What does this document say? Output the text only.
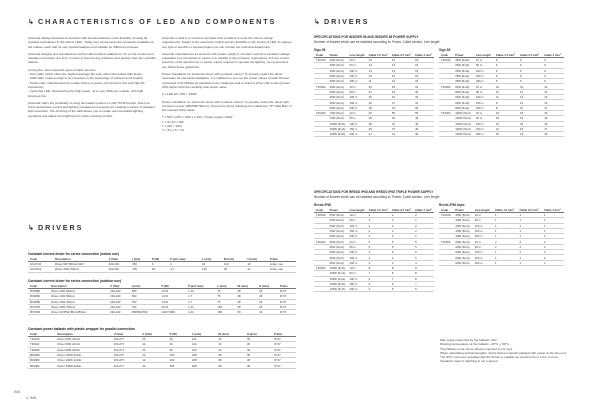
↳ CHARACTERISTICS OF LED AND COMPONENTS	↳ DRIVERS
↳ DRIVERS

Artemide always develops its products with special attention to the flexibility of using all possible innovations in the field of LEDs. Today, key components are constantly available on the market, each with its own special features and suitable for different purposes.

Artemide designs and manufactures all the LED products adapted to run on the product and operate in precisely one time, in order to prevent any problems and quickly meet any possible defects.

Among the most important types of LED used are:

- 3mm LED, which offers the highest average life span with intermediate light levels;
- SMD LED, small enough to be mounted on the technology of printed circuit boards;
- Power LED, characterised by a wide choice of power and luminous flux and high life expectancy;
- multi-chip LED, characterised by high power, up to over 20W per module, with high luminous flux.

Artemide offers the possibility of using dimmable systems (1-10V, PUSH button, DALI) on home automation control and lighting management systems for creating a variety of pleasant light scenarios. The dimming of the LED allows you to create user-controlled lighting scenarios and adjust the brightness for better viewing comfort.

Artemide is able to a customer and take their products to meet the various design requirements, thanks to the electronic control and the flexibility in the choice of LED, to support any type of specific or special project you can contact our technical department.

Artemide manufactures its products with power supply in constant current or constant voltage, equivalent to a connection in series or in parallel to the products, respectively. For the correct selection of the transformer or power supply required to operate the lighting, we recommend you follow these guidelines:

Power calculation for electronic driver with constant current: To properly select the driver necessary for electrical installation, it is sufficient to sum up the power values of each fixtures expressed in W (Watts) as indicated in the catalogue and to select a driver with a rated power 20% higher than the resulting total power value.

2 x LED 20 x 5W = 100W

Power calculation for electronic driver with constant current: To properly select the driver with constant current (350/500/700mA), choose the driver following the indications "NT LED Max" in the relevant driver table.

T x 5W x 20% = 20% x 1.2W = Power supply 120W
T = 5x 3m x 5W
T x (W) = 20%
T = 3m x 5 = 15

Constant current driver for series connection (indoor use)
Code	Description	V (Vac)	I (mA)	P (W)	P (mA max)	L (mm)	W (mm)	H (mm)	P Box
FA17046	Driver 6W 350mA 10W	220-240	350	6	4	22	110	19	indep. use
FA17016	Driver 20W 700mA	220-240	700	20	2.7	120	39	21	indep. use
Constant current driver for series connection (outdoor use)
Code	Description	V (Vac)	I (mA)	P (W)	P (mA max)	L (mm)	W (mm)	H (mm)	P Box
BV2880	Driver 14W 350mA	220-240	350	14 W	1-10	75	38	25	IP 67
BV2882	Driver 14W 500mA	220-240	500	14 W	1-7	75	38	25	IP 67
BV2884	Driver 14W 700mA	220-240	700	14 W	1-7	75	38	25	IP 67
BV7045	Driver 30W 700mA	220-240	700	30 W	1-14	125	38	25	IP 67
BV7048	Driver 23-55W 350-1050mA	220-240	350/500/700	23/27/30W	4-12	165	53	33	IP 67
Constant power ballasts with plastic wrapper for parallel connection
Code	Description	V (Vac)	V (Vdc)	P (W)	L (mm)	W (mm)	H (mm)	P Box
T40109	Driver 20W 24Vdc	100-277	24	20	110	40	30	IP 67
T40101	Driver 30W 24Vdc	100-277	24	30	140	40	30	IP 67
T40009	Driver 60W 24Vdc	100-277	24	60	140	41	30	IP 67
B41508	Driver 100W 24Vdc	100-277	24	100	238	68	38	IP 67
B41580	Driver 100W 12Vdc	100-277	12	100	238	68	38	IP 67
B41981	Driver 150W 24Vdc	100-277	24	150	238	68	38	IP 67
SPECIFICATIONS FOR INSIDER 58 AND INSIDER 88 POWER SUPPLY
Number of fixtures which can be installed according to: Power, Cable section, Line length
Sign 58	Sign 88
Code	Power	Line length	Cable 1.5 mm²	Cable 2.5 mm²	Cable 4 mm²
T40019	20W (6mA)	10 m	13	13	15
	25W (6mA)	50 m	13	13	15
	25W (6mA)	100 m	13	13	15
	25W (6mA)	150 m	13	13	15
	25W (6mA)	200 m	11	12	15
T40023	40W (6mA)	10 m	33	33	33
	60W (6mA)	50 m	31	33	33
	60W (6mA)	100 m	26	31	32
	60W (6mA)	150 m	22	27	31
	60W (6mA)	200 m	18	23	29
T40203	70W (6mA)	10 m	49	55	55
	70W (6mA)	50 m	45	49	49
	100W (6mA)	100 m	38	42	49
	100W (6mA)	150 m	26	37	46
	100W (6mA)	200 m	21	31	40
Code	Power	Line length	Cable 1.5 mm²	Cable 2.5 mm²	Cable 4 mm²
T40019	25W (6mA)	10 m	6	6	6
	25W (6mA)	50 m	6	6	6
	25W (6mA)	100 m	6	6	6
	25W (6mA)	150 m	6	6	6
	25W (6mA)	200 m	5	6	6
T40203	60W (6mA)	10 m	12	12	12
	60W (6mA)	50 m	12	12	12
	60W (6mA)	100 m	11	12	12
	60W (6mA)	150 m	9	11	12
	60W (6mA)	200 m	8	10	11
T40203	100W (6mA)	10 m	19	19	19
	100W (6mA)	50 m	18	19	19
	100W (6mA)	100 m	15	18	19
	100W (6mA)	150 m	12	15	17
	100W (6mA)	200 m	10	13	15
SPECIFICATIONS FOR RREDS IP68 AND RREDS IP68 TRIPLE POWER SUPPLY
Number of fixtures which can be installed according to: Power, Cable section, Line length
Reeds IP68	Reeds IP68 triple
Code	Power	Line length	Cable 1.5 mm²	Cable 2.5 mm²	Cable 4 mm²
T40019	25W (6mA)	10 m	2	2	2
	25W (6mA)	50 m	2	2	2
	25W (6mA)	100 m	2	2	2
	25W (6mA)	150 m	2	2	2
	25W (6mA)	200 m	2	2	2
T40203	60W (6mA)	10 m	5	5	5
	60W (6mA)	50 m	5	5	5
	60W (6mA)	100 m	4	5	5
	60W (6mA)	150 m	4	4	5
	60W (6mA)	200 m	3	4	4
T40203	100W (6mA)	10 m	8	8	8
	100W (6mA)	50 m	7	8	8
	100W (6mA)	100 m	6	7	8
	100W (6mA)	150 m	5	6	7
	100W (6mA)	200 m	4	5	6
Code	Power	Line length	Cable 1.5 mm²	Cable 2.5 mm²	Cable 4 mm²
T40019	40W (6mA)	10 m	1	1	1
	40W (6mA)	50 m	1	1	1
	40W (6mA)	100 m	1	1	1
	40W (6mA)	150 m	1	1	1
	40W (6mA)	200 m	1	1	1
T40203	60W (6mA)	10 m	2	2	2
	60W (6mA)	50 m	2	2	2
	60W (6mA)	100 m	1	2	2
	60W (6mA)	150 m	1	1	2
	60W (6mA)	200 m	1	1	1
Max surge supported by the ballasts: 2kV.
Working temperature of the ballasts: -25°C + 50°C.
The ballasts must not be directly exposed to UV rays.
When calculating sections/lengths, all the fixtures should supplied with power at the line end.
The IP67 connector supplied with the fixture is suitable for sections from 1.0 to 4 mm2.
Insulation class II. Earthing is not required.
944
↳ 945
